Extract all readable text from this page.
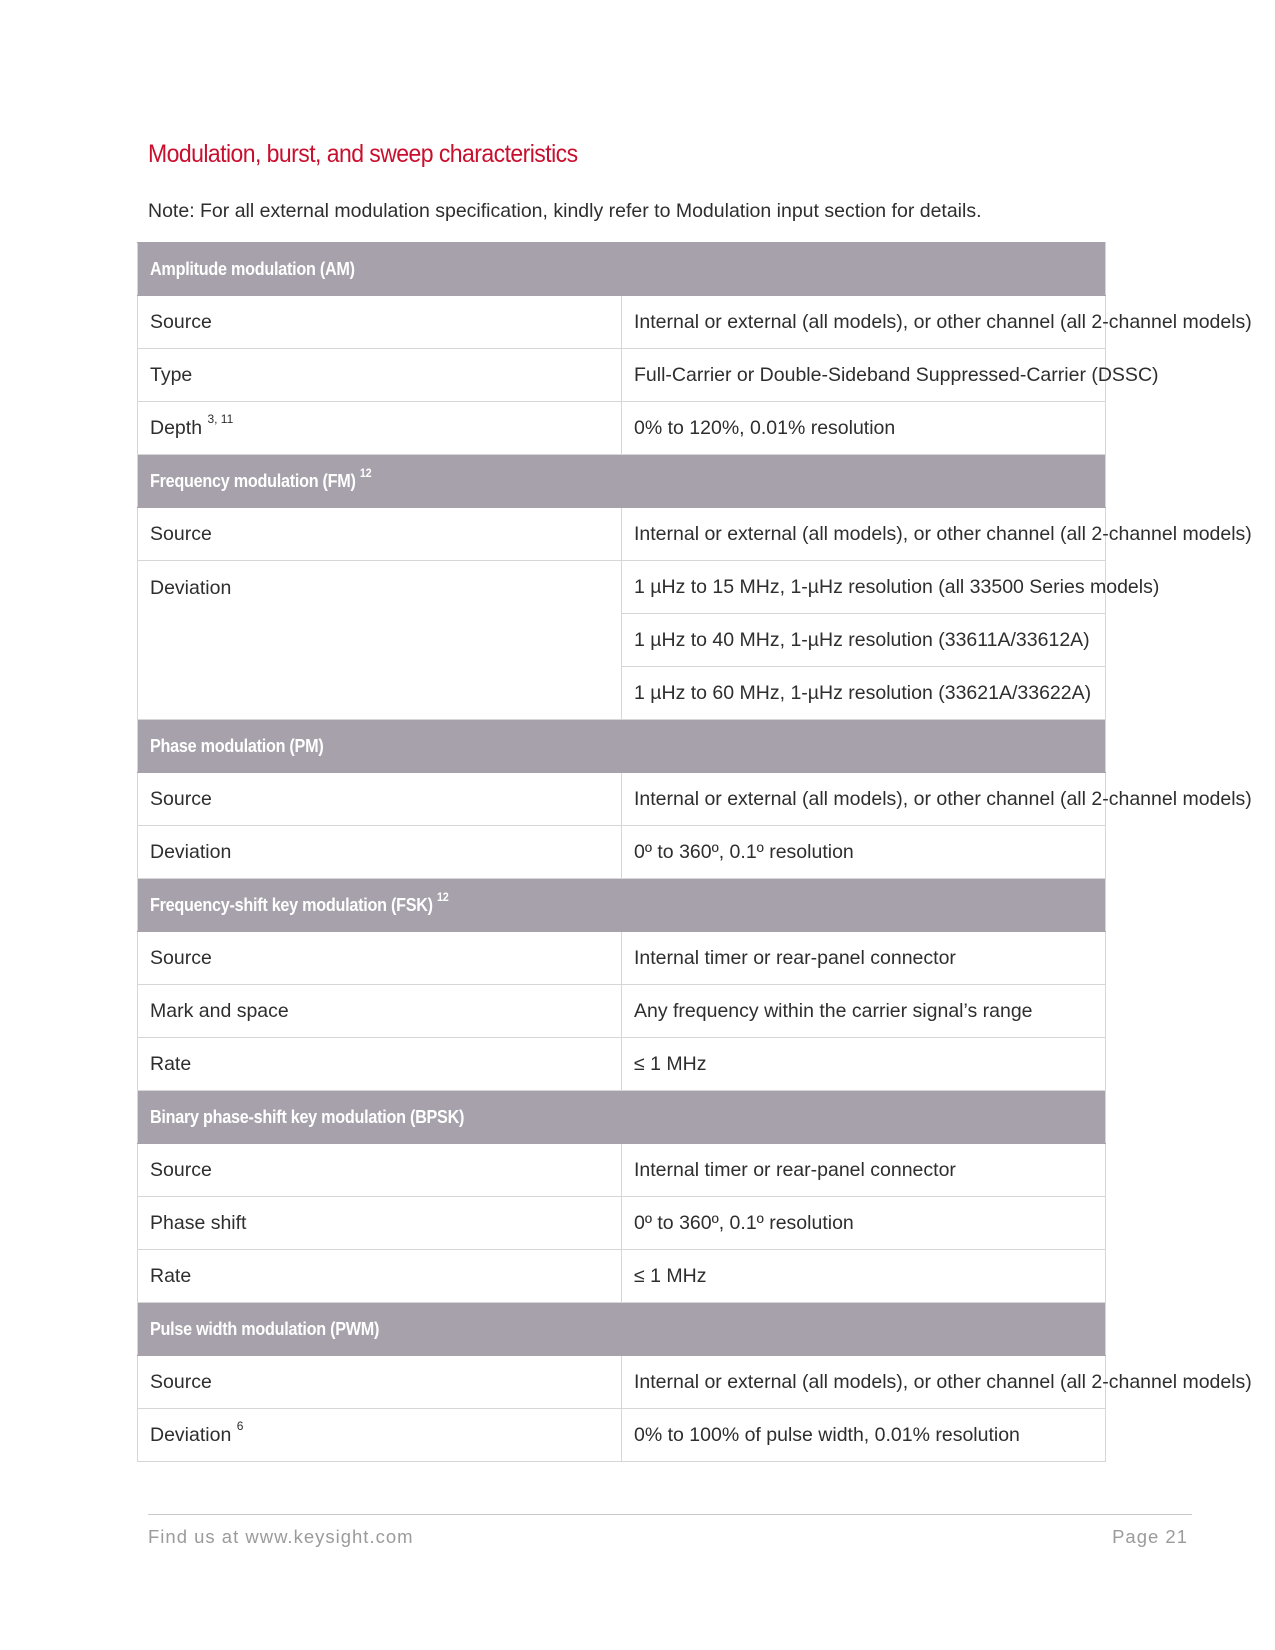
Modulation, burst, and sweep characteristics
Note: For all external modulation specification, kindly refer to Modulation input section for details.
Amplitude modulation (AM)	
Source	Internal or external (all models), or other channel (all 2-channel models)
Type	Full-Carrier or Double-Sideband Suppressed-Carrier (DSSC)
Depth $^{3, 11}$	0% to 120%, 0.01% resolution
Frequency modulation (FM) $^{12}$
Source	Internal or external (all models), or other channel (all 2-channel models)
Deviation	1 µHz to 15 MHz, 1-µHz resolution (all 33500 Series models)
	1 µHz to 40 MHz, 1-µHz resolution (33611A/33612A)
	1 µHz to 60 MHz, 1-µHz resolution (33621A/33622A)
Phase modulation (PM)	
Source	Internal or external (all models), or other channel (all 2-channel models)
Deviation	0º to 360º, 0.1º resolution
Frequency-shift key modulation (FSK) $^{12}$
Source	Internal timer or rear-panel connector
Mark and space	Any frequency within the carrier signal’s range
Rate	≤ 1 MHz
Binary phase-shift key modulation (BPSK)	
Source	Internal timer or rear-panel connector
Phase shift	0º to 360º, 0.1º resolution
Rate	≤ 1 MHz
Pulse width modulation (PWM)	
Source	Internal or external (all models), or other channel (all 2-channel models)
Deviation $^6$	0% to 100% of pulse width, 0.01% resolution
Find us at www.keysight.com	Page 21
